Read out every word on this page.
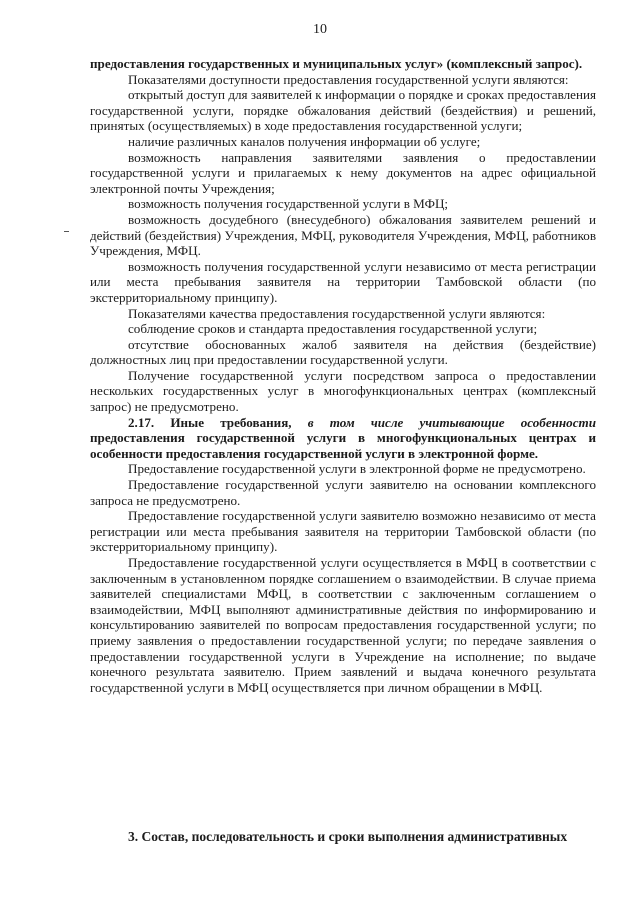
10

предоставления государственных и муниципальных услуг» (комплексный запрос).

Показателями доступности предоставления государственной услуги являются:

открытый доступ для заявителей к информации о порядке и сроках предоставления государственной услуги, порядке обжалования действий (бездействия) и решений, принятых (осуществляемых) в ходе предоставления государственной услуги;

наличие различных каналов получения информации об услуге;

возможность направления заявителями заявления о предоставлении государственной услуги и прилагаемых к нему документов на адрес официальной электронной почты Учреждения;

возможность получения государственной услуги в МФЦ;

возможность досудебного (внесудебного) обжалования заявителем решений и действий (бездействия) Учреждения, МФЦ, руководителя Учреждения, МФЦ, работников Учреждения, МФЦ.

возможность получения государственной услуги независимо от места регистрации или места пребывания заявителя на территории Тамбовской области (по экстерриториальному принципу).

Показателями качества предоставления государственной услуги являются:

соблюдение сроков и стандарта предоставления государственной услуги;

отсутствие обоснованных жалоб заявителя на действия (бездействие) должностных лиц при предоставлении государственной услуги.

Получение государственной услуги посредством запроса о предоставлении нескольких государственных услуг в многофункциональных центрах (комплексный запрос) не предусмотрено.

2.17. Иные требования, в том числе учитывающие особенности предоставления государственной услуги в многофункциональных центрах и особенности предоставления государственной услуги в электронной форме.

Предоставление государственной услуги в электронной форме не предусмотрено.

Предоставление государственной услуги заявителю на основании комплексного запроса не предусмотрено.

Предоставление государственной услуги заявителю возможно независимо от места регистрации или места пребывания заявителя на территории Тамбовской области (по экстерриториальному принципу).

Предоставление государственной услуги осуществляется в МФЦ в соответствии с заключенным в установленном порядке соглашением о взаимодействии. В случае приема заявителей специалистами МФЦ, в соответствии с заключенным соглашением о взаимодействии, МФЦ выполняют административные действия по информированию и консультированию заявителей по вопросам предоставления государственной услуги; по приему заявления о предоставлении государственной услуги; по передаче заявления о предоставлении государственной услуги в Учреждение на исполнение; по выдаче конечного результата заявителю. Прием заявлений и выдача конечного результата государственной услуги в МФЦ осуществляется при личном обращении в МФЦ.

3. Состав, последовательность и сроки выполнения административных
